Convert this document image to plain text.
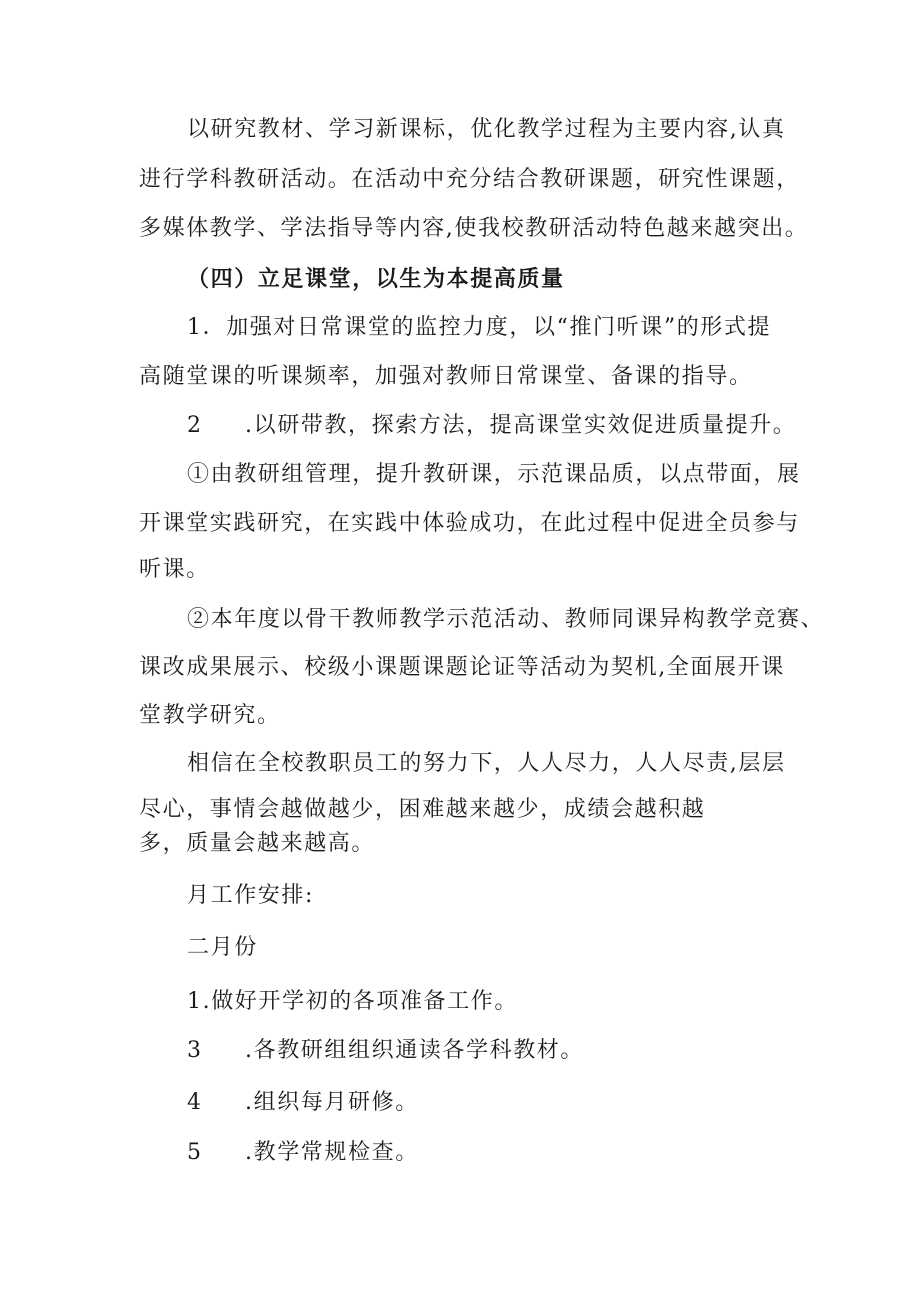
以研究教材、学习新课标，优化教学过程为主要内容,认真
进行学科教研活动。在活动中充分结合教研课题，研究性课题，
多媒体教学、学法指导等内容,使我校教研活动特色越来越突出。
（四）立足课堂，以生为本提高质量
1．加强对日常课堂的监控力度，以“推门听课”的形式提
高随堂课的听课频率，加强对教师日常课堂、备课的指导。
2 .以研带教，探索方法，提高课堂实效促进质量提升。
①由教研组管理，提升教研课，示范课品质，以点带面，展
开课堂实践研究，在实践中体验成功，在此过程中促进全员参与
听课。
②本年度以骨干教师教学示范活动、教师同课异构教学竞赛、
课改成果展示、校级小课题课题论证等活动为契机,全面展开课
堂教学研究。
相信在全校教职员工的努力下，人人尽力，人人尽责,层层
尽心，事情会越做越少，困难越来越少，成绩会越积越
多，质量会越来越高。
月工作安排:
二月份
1.做好开学初的各项准备工作。
3 .各教研组组织通读各学科教材。
4 .组织每月研修。
5 .教学常规检查。
